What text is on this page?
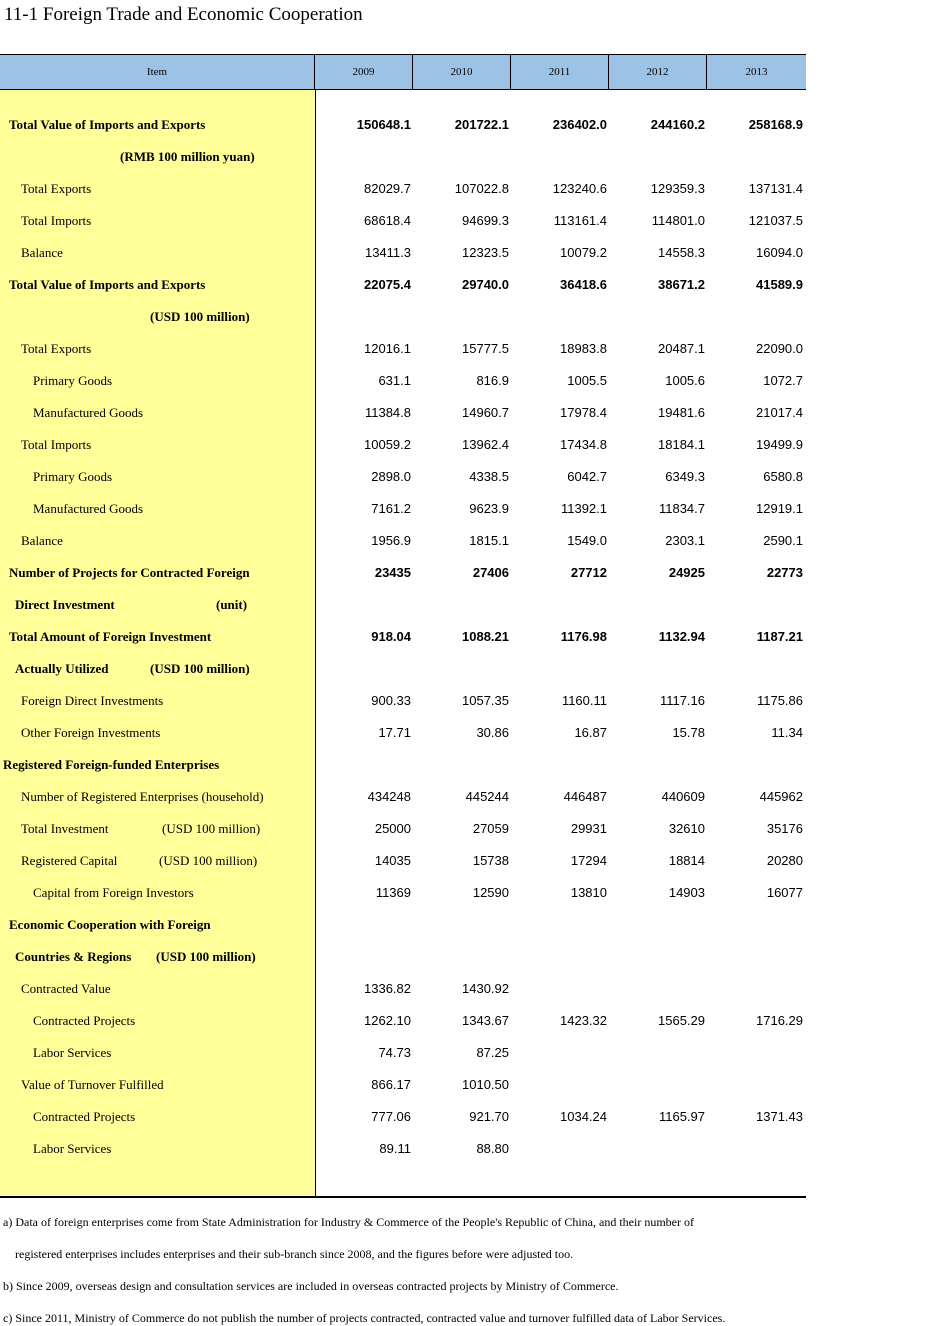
11-1 Foreign Trade and Economic Cooperation
Item	2009	2010	2011	2012	2013
Total Value of Imports and Exports	150648.1	201722.1	236402.0	244160.2	258168.9
(RMB 100 million yuan)
Total Exports	82029.7	107022.8	123240.6	129359.3	137131.4
Total Imports	68618.4	94699.3	113161.4	114801.0	121037.5
Balance	13411.3	12323.5	10079.2	14558.3	16094.0
Total Value of Imports and Exports	22075.4	29740.0	36418.6	38671.2	41589.9
(USD 100 million)
Total Exports	12016.1	15777.5	18983.8	20487.1	22090.0
Primary Goods	631.1	816.9	1005.5	1005.6	1072.7
Manufactured Goods	11384.8	14960.7	17978.4	19481.6	21017.4
Total Imports	10059.2	13962.4	17434.8	18184.1	19499.9
Primary Goods	2898.0	4338.5	6042.7	6349.3	6580.8
Manufactured Goods	7161.2	9623.9	11392.1	11834.7	12919.1
Balance	1956.9	1815.1	1549.0	2303.1	2590.1
Number of Projects for Contracted Foreign	23435	27406	27712	24925	22773
Direct Investment	(unit)
Total Amount of Foreign Investment	918.04	1088.21	1176.98	1132.94	1187.21
Actually Utilized	(USD 100 million)
Foreign Direct Investments	900.33	1057.35	1160.11	1117.16	1175.86
Other Foreign Investments	17.71	30.86	16.87	15.78	11.34
Registered Foreign-funded Enterprises
Number of Registered Enterprises (household)	434248	445244	446487	440609	445962
Total Investment	(USD 100 million)	25000	27059	29931	32610	35176
Registered Capital	(USD 100 million)	14035	15738	17294	18814	20280
Capital from Foreign Investors	11369	12590	13810	14903	16077
Economic Cooperation with Foreign
Countries & Regions (USD 100 million)
Contracted Value	1336.82	1430.92
Contracted Projects	1262.10	1343.67	1423.32	1565.29	1716.29
Labor Services	74.73	87.25
Value of Turnover Fulfilled	866.17	1010.50
Contracted Projects	777.06	921.70	1034.24	1165.97	1371.43
Labor Services	89.11	88.80
a) Data of foreign enterprises come from State Administration for Industry & Commerce of the People's Republic of China, and their number of
registered enterprises includes enterprises and their sub-branch since 2008, and the figures before were adjusted too.
b) Since 2009, overseas design and consultation services are included in overseas contracted projects by Ministry of Commerce.
c) Since 2011, Ministry of Commerce do not publish the number of projects contracted, contracted value and turnover fulfilled data of Labor Services.
